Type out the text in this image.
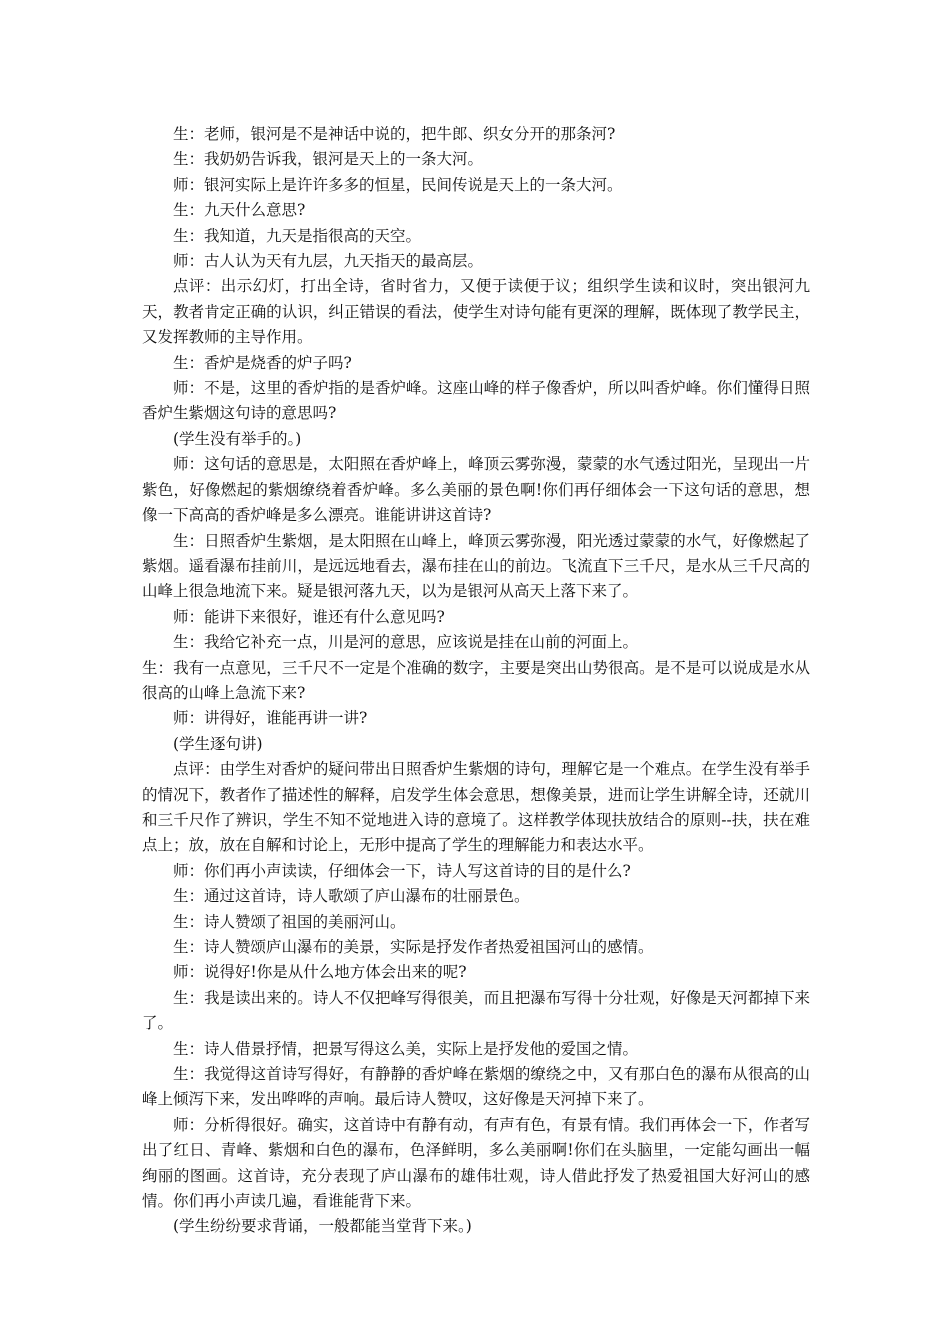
生：老师，银河是不是神话中说的，把牛郎、织女分开的那条河?

生：我奶奶告诉我，银河是天上的一条大河。

师：银河实际上是许许多多的恒星，民间传说是天上的一条大河。

生：九天什么意思?

生：我知道，九天是指很高的天空。

师：古人认为天有九层，九天指天的最高层。

点评：出示幻灯，打出全诗，省时省力，又便于读便于议；组织学生读和议时，突出银河九天，教者肯定正确的认识，纠正错误的看法，使学生对诗句能有更深的理解，既体现了教学民主，又发挥教师的主导作用。

生：香炉是烧香的炉子吗?

师：不是，这里的香炉指的是香炉峰。这座山峰的样子像香炉，所以叫香炉峰。你们懂得日照香炉生紫烟这句诗的意思吗?

(学生没有举手的。)

师：这句话的意思是，太阳照在香炉峰上，峰顶云雾弥漫，蒙蒙的水气透过阳光，呈现出一片紫色，好像燃起的紫烟缭绕着香炉峰。多么美丽的景色啊!你们再仔细体会一下这句话的意思，想像一下高高的香炉峰是多么漂亮。谁能讲讲这首诗?

生：日照香炉生紫烟，是太阳照在山峰上，峰顶云雾弥漫，阳光透过蒙蒙的水气，好像燃起了紫烟。遥看瀑布挂前川，是远远地看去，瀑布挂在山的前边。飞流直下三千尺，是水从三千尺高的山峰上很急地流下来。疑是银河落九天，以为是银河从高天上落下来了。

师：能讲下来很好，谁还有什么意见吗?

生：我给它补充一点，川是河的意思，应该说是挂在山前的河面上。

生：我有一点意见，三千尺不一定是个准确的数字，主要是突出山势很高。是不是可以说成是水从很高的山峰上急流下来?

师：讲得好，谁能再讲一讲?

(学生逐句讲)

点评：由学生对香炉的疑问带出日照香炉生紫烟的诗句，理解它是一个难点。在学生没有举手的情况下，教者作了描述性的解释，启发学生体会意思，想像美景，进而让学生讲解全诗，还就川和三千尺作了辨识，学生不知不觉地进入诗的意境了。这样教学体现扶放结合的原则--扶，扶在难点上；放，放在自解和讨论上，无形中提高了学生的理解能力和表达水平。

师：你们再小声读读，仔细体会一下，诗人写这首诗的目的是什么?

生：通过这首诗，诗人歌颂了庐山瀑布的壮丽景色。

生：诗人赞颂了祖国的美丽河山。

生：诗人赞颂庐山瀑布的美景，实际是抒发作者热爱祖国河山的感情。

师：说得好!你是从什么地方体会出来的呢?

生：我是读出来的。诗人不仅把峰写得很美，而且把瀑布写得十分壮观，好像是天河都掉下来了。

生：诗人借景抒情，把景写得这么美，实际上是抒发他的爱国之情。

生：我觉得这首诗写得好，有静静的香炉峰在紫烟的缭绕之中，又有那白色的瀑布从很高的山峰上倾泻下来，发出哗哗的声响。最后诗人赞叹，这好像是天河掉下来了。

师：分析得很好。确实，这首诗中有静有动，有声有色，有景有情。我们再体会一下，作者写出了红日、青峰、紫烟和白色的瀑布，色泽鲜明，多么美丽啊!你们在头脑里，一定能勾画出一幅绚丽的图画。这首诗，充分表现了庐山瀑布的雄伟壮观，诗人借此抒发了热爱祖国大好河山的感情。你们再小声读几遍，看谁能背下来。

(学生纷纷要求背诵，一般都能当堂背下来。)
